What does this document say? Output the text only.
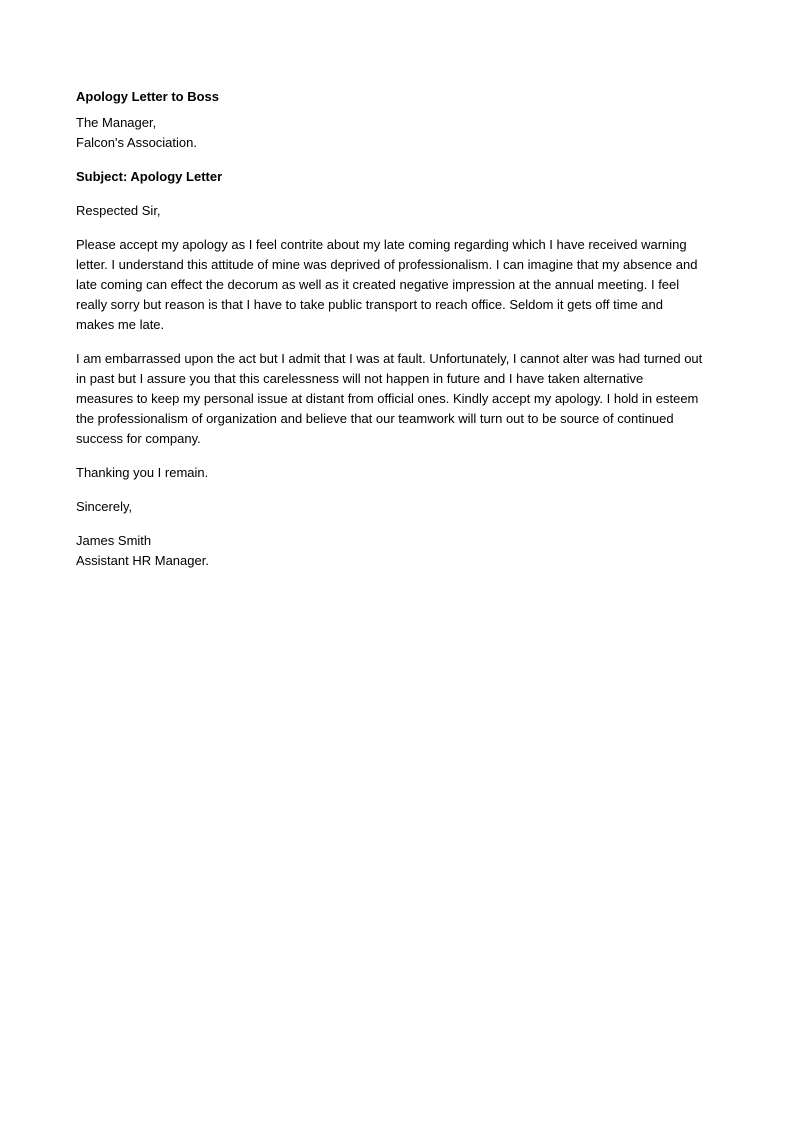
Apology Letter to Boss
The Manager,
Falcon's Association.
Subject: Apology Letter
Respected Sir,
Please accept my apology as I feel contrite about my late coming regarding which I have received warning
letter. I understand this attitude of mine was deprived of professionalism. I can imagine that my absence and
late coming can effect the decorum as well as it created negative impression at the annual meeting. I feel
really sorry but reason is that I have to take public transport to reach office. Seldom it gets off time and
makes me late.
I am embarrassed upon the act but I admit that I was at fault. Unfortunately, I cannot alter was had turned out
in past but I assure you that this carelessness will not happen in future and I have taken alternative
measures to keep my personal issue at distant from official ones. Kindly accept my apology. I hold in esteem
the professionalism of organization and believe that our teamwork will turn out to be source of continued
success for company.
Thanking you I remain.
Sincerely,
James Smith
Assistant HR Manager.
